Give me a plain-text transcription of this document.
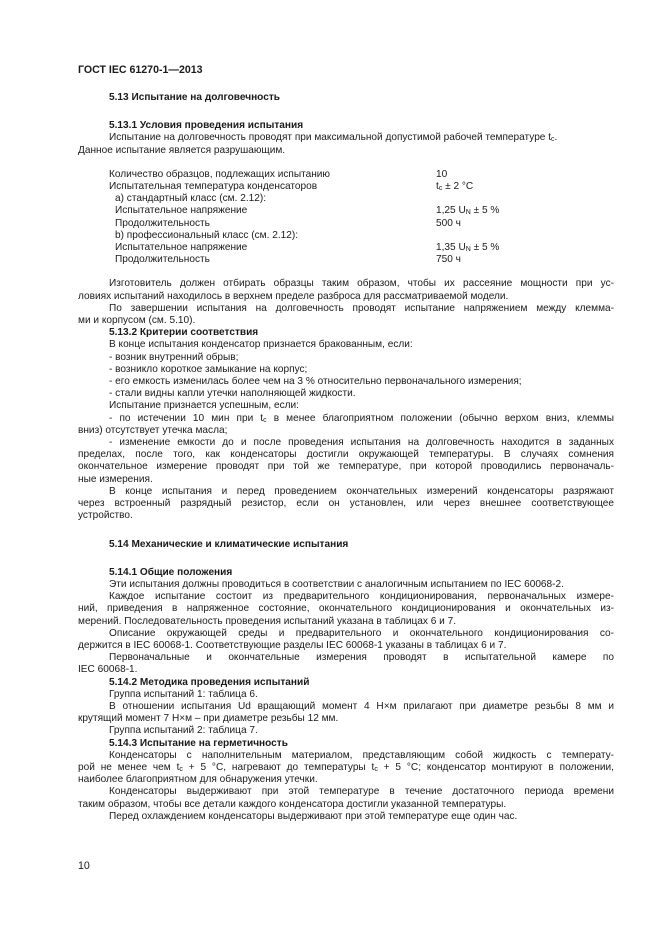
ГОСТ IEC 61270-1—2013

5.13 Испытание на долговечность

5.13.1 Условия проведения испытания

Испытание на долговечность проводят при максимальной допустимой рабочей температуре $t_c$.

Данное испытание является разрушающим.

Количество образцов, подлежащих испытанию	10
Испытательная температура конденсаторов	$t_c \pm 2$ °С
a) стандартный класс (см. 2.12):	
Испытательное напряжение	1,25 $U_N \pm 5$ %
Продолжительность	500 ч
b) профессиональный класс (см. 2.12):	
Испытательное напряжение	1,35 $U_N \pm 5$ %
Продолжительность	750 ч

Изготовитель должен отбирать образцы таким образом, чтобы их рассеяние мощности при ус-

ловиях испытаний находилось в верхнем пределе разброса для рассматриваемой модели.

По завершении испытания на долговечность проводят испытание напряжением между клемма-

ми и корпусом (см. 5.10).

5.13.2 Критерии соответствия

В конце испытания конденсатор признается бракованным, если:

- возник внутренний обрыв;

- возникло короткое замыкание на корпус;

- его емкость изменилась более чем на 3 % относительно первоначального измерения;

- стали видны капли утечки наполняющей жидкости.

Испытание признается успешным, если:

- по истечении 10 мин при $t_c$ в менее благоприятном положении (обычно верхом вниз, клеммы

вниз) отсутствует утечка масла;

- изменение емкости до и после проведения испытания на долговечность находится в заданных

пределах, после того, как конденсаторы достигли окружающей температуры. В случаях сомнения

окончательное измерение проводят при той же температуре, при которой проводились первоначаль-

ные измерения.

В конце испытания и перед проведением окончательных измерений конденсаторы разряжают

через встроенный разрядный резистор, если он установлен, или через внешнее соответствующее

устройство.

5.14 Механические и климатические испытания

5.14.1 Общие положения

Эти испытания должны проводиться в соответствии с аналогичным испытанием по IEC 60068-2.

Каждое испытание состоит из предварительного кондиционирования, первоначальных измере-

ний, приведения в напряженное состояние, окончательного кондиционирования и окончательных из-

мерений. Последовательность проведения испытаний указана в таблицах 6 и 7.

Описание окружающей среды и предварительного и окончательного кондиционирования со-

держится в IEC 60068-1. Соответствующие разделы IEC 60068-1 указаны в таблицах 6 и 7.

Первоначальные и окончательные измерения проводят в испытательной камере по

IEC 60068-1.

5.14.2 Методика проведения испытаний

Группа испытаний 1: таблица 6.

В отношении испытания Ud вращающий момент 4 Н×м прилагают при диаметре резьбы 8 мм и

крутящий момент 7 Н×м – при диаметре резьбы 12 мм.

Группа испытаний 2: таблица 7.

5.14.3 Испытание на герметичность

Конденсаторы с наполнительным материалом, представляющим собой жидкость с температу-

рой не менее чем $t_c + 5$ °С, нагревают до температуры $t_c + 5$ °С; конденсатор монтируют в положении,

наиболее благоприятном для обнаружения утечки.

Конденсаторы выдерживают при этой температуре в течение достаточного периода времени

таким образом, чтобы все детали каждого конденсатора достигли указанной температуры.

Перед охлаждением конденсаторы выдерживают при этой температуре еще один час.

10
